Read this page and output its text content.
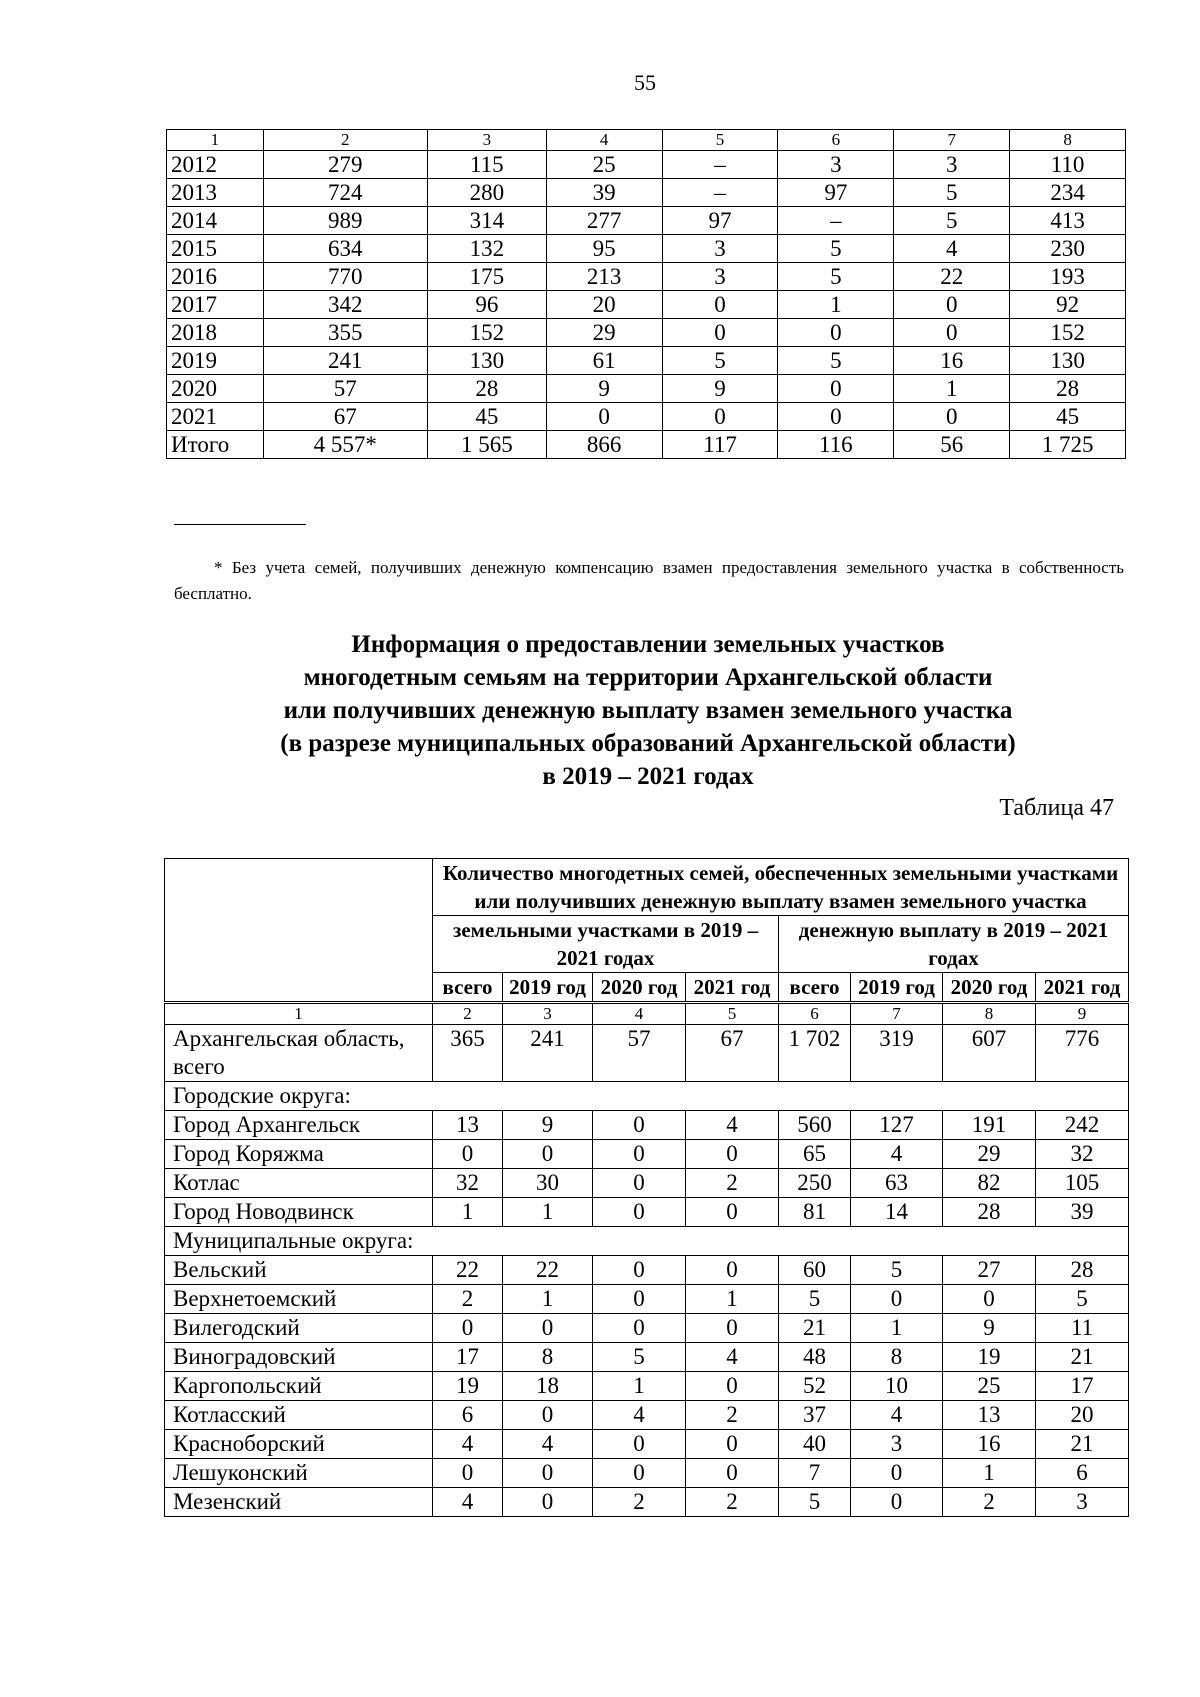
55
1	2	3	4	5	6	7	8
2012	279	115	25	–	3	3	110
2013	724	280	39	–	97	5	234
2014	989	314	277	97	–	5	413
2015	634	132	95	3	5	4	230
2016	770	175	213	3	5	22	193
2017	342	96	20	0	1	0	92
2018	355	152	29	0	0	0	152
2019	241	130	61	5	5	16	130
2020	57	28	9	9	0	1	28
2021	67	45	0	0	0	0	45
Итого	4 557*	1 565	866	117	116	56	1 725
* Без учета семей, получивших денежную компенсацию взамен предоставления земельного участка в собственность бесплатно.
Информация о предоставлении земельных участков
многодетным семьям на территории Архангельской области
или получивших денежную выплату взамен земельного участка
(в разрезе муниципальных образований Архангельской области)
в 2019 – 2021 годах
Таблица 47
	Количество многодетных семей, обеспеченных земельными участками или получивших денежную выплату взамен земельного участка							
	земельными участками в 2019 – 2021 годах				денежную выплату в 2019 – 2021 годах			
	всего	2019 год	2020 год	2021 год	всего	2019 год	2020 год	2021 год
1	2	3	4	5	6	7	8	9
Архангельская область, всего	365	241	57	67	1 702	319	607	776
Городские округа:								
Город Архангельск	13	9	0	4	560	127	191	242
Город Коряжма	0	0	0	0	65	4	29	32
Котлас	32	30	0	2	250	63	82	105
Город Новодвинск	1	1	0	0	81	14	28	39
Муниципальные округа:								
Вельский	22	22	0	0	60	5	27	28
Верхнетоемский	2	1	0	1	5	0	0	5
Вилегодский	0	0	0	0	21	1	9	11
Виноградовский	17	8	5	4	48	8	19	21
Каргопольский	19	18	1	0	52	10	25	17
Котласский	6	0	4	2	37	4	13	20
Красноборский	4	4	0	0	40	3	16	21
Лешуконский	0	0	0	0	7	0	1	6
Мезенский	4	0	2	2	5	0	2	3
